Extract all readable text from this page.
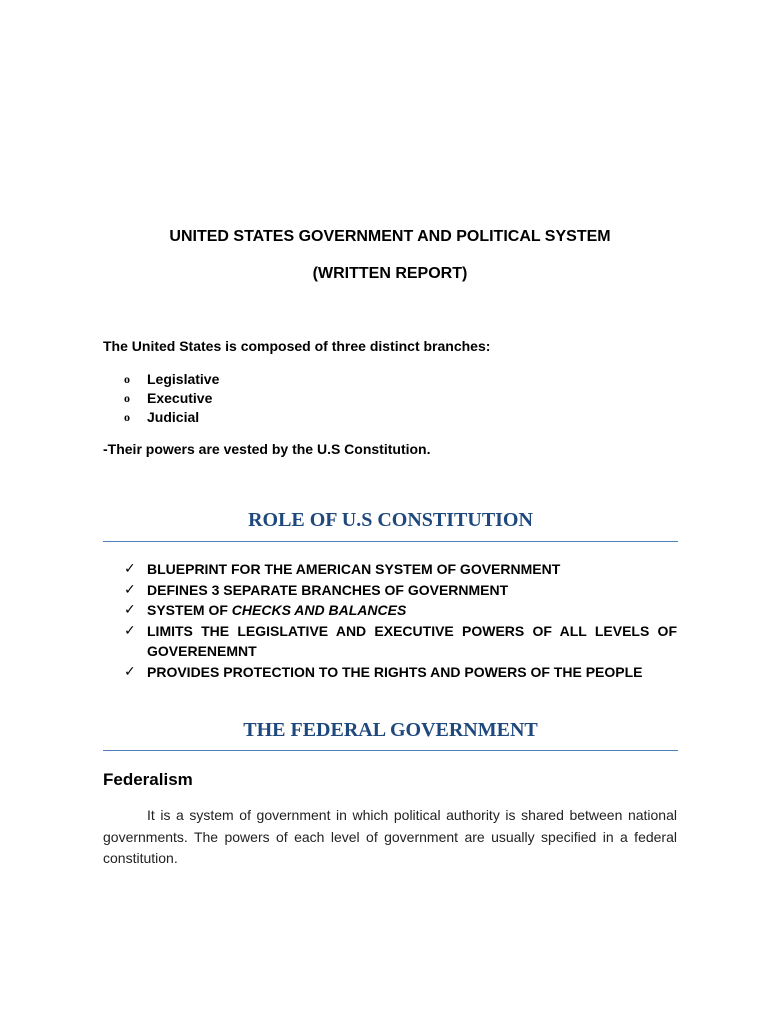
UNITED STATES GOVERNMENT AND POLITICAL SYSTEM
(WRITTEN REPORT)

The United States is composed of three distinct branches:

o	Legislative
o	Executive
o	Judicial

-Their powers are vested by the U.S Constitution.

ROLE OF U.S CONSTITUTION
✓ BLUEPRINT FOR THE AMERICAN SYSTEM OF GOVERNMENT
✓ DEFINES 3 SEPARATE BRANCHES OF GOVERNMENT
✓ SYSTEM OF CHECKS AND BALANCES
✓ LIMITS THE LEGISLATIVE AND EXECUTIVE POWERS OF ALL LEVELS OF GOVERENEMNT
✓ PROVIDES PROTECTION TO THE RIGHTS AND POWERS OF THE PEOPLE
THE FEDERAL GOVERNMENT
Federalism

It is a system of government in which political authority is shared between national governments. The powers of each level of government are usually specified in a federal constitution.
